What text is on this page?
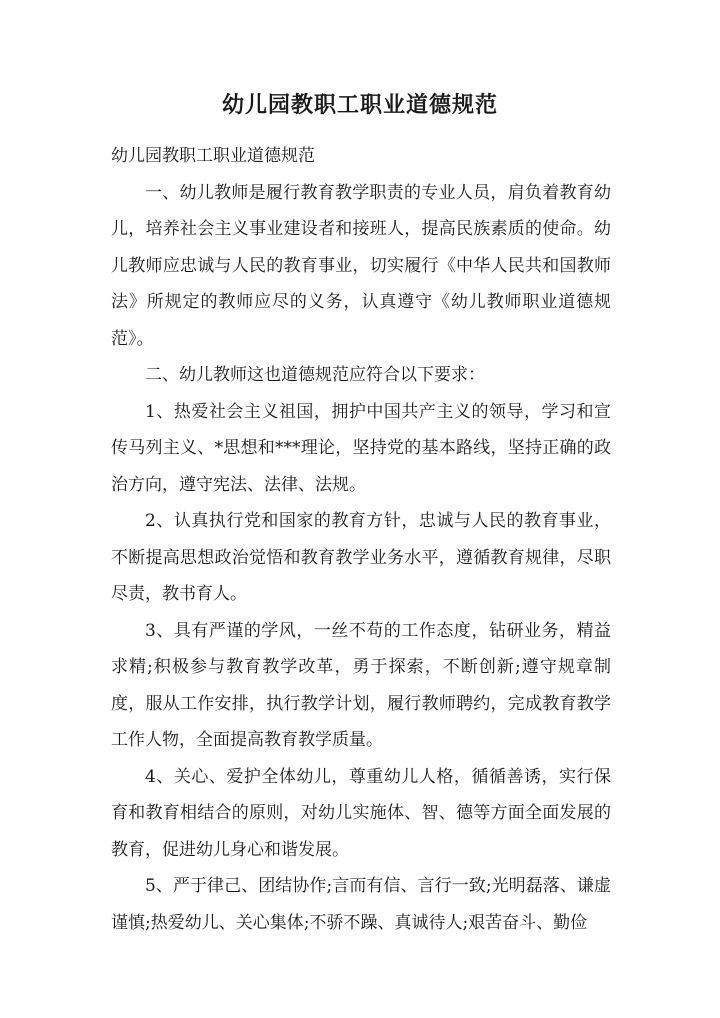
幼儿园教职工职业道德规范

幼儿园教职工职业道德规范

一、幼儿教师是履行教育教学职责的专业人员，肩负着教育幼儿，培养社会主义事业建设者和接班人，提高民族素质的使命。幼儿教师应忠诚与人民的教育事业，切实履行《中华人民共和国教师法》所规定的教师应尽的义务，认真遵守《幼儿教师职业道德规范》。

二、幼儿教师这也道德规范应符合以下要求：

1、热爱社会主义祖国，拥护中国共产主义的领导，学习和宣传马列主义、*思想和***理论，坚持党的基本路线，坚持正确的政治方向，遵守宪法、法律、法规。

2、认真执行党和国家的教育方针，忠诚与人民的教育事业，不断提高思想政治觉悟和教育教学业务水平，遵循教育规律，尽职尽责，教书育人。

3、具有严谨的学风，一丝不苟的工作态度，钻研业务，精益求精;积极参与教育教学改革，勇于探索，不断创新;遵守规章制度，服从工作安排，执行教学计划，履行教师聘约，完成教育教学工作人物，全面提高教育教学质量。

4、关心、爱护全体幼儿，尊重幼儿人格，循循善诱，实行保育和教育相结合的原则，对幼儿实施体、智、德等方面全面发展的教育，促进幼儿身心和谐发展。

5、严于律己、团结协作;言而有信、言行一致;光明磊落、谦虚谨慎;热爱幼儿、关心集体;不骄不躁、真诚待人;艰苦奋斗、勤俭
